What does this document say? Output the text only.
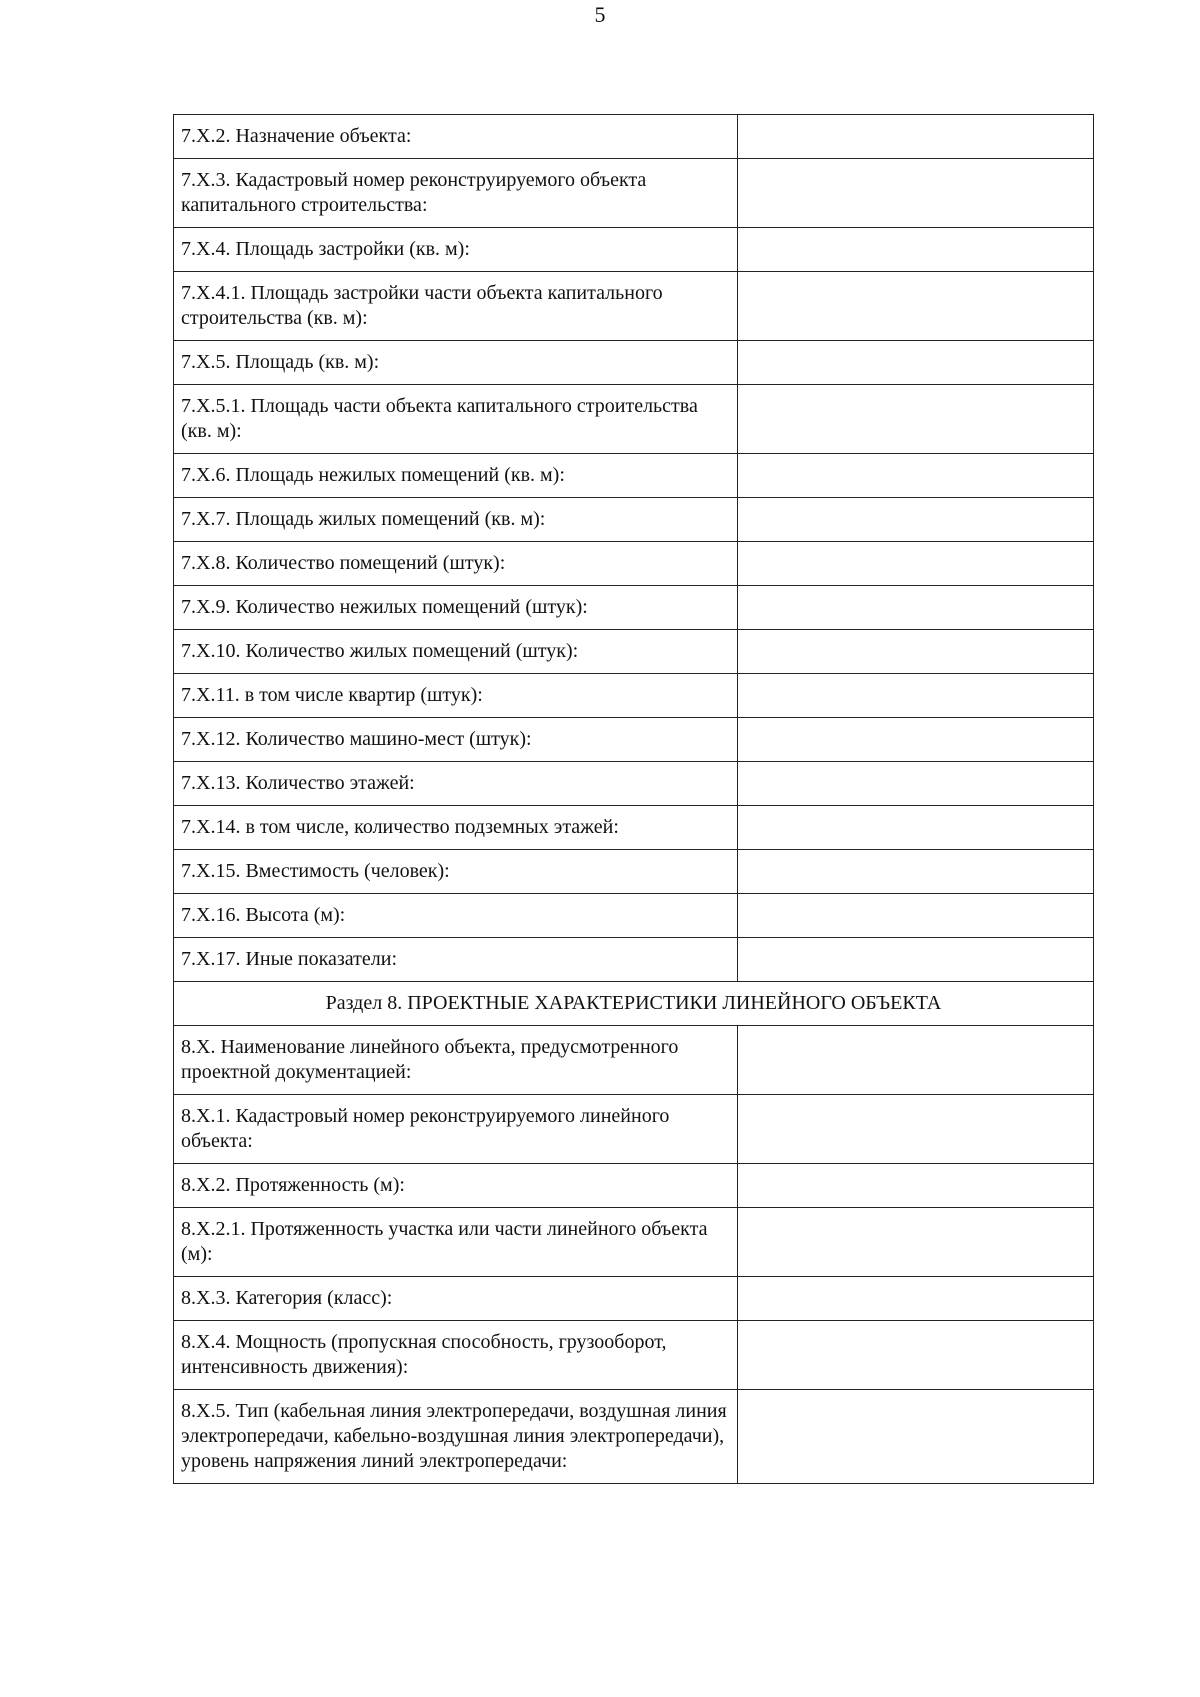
5
7.Х.2. Назначение объекта:	
7.Х.3. Кадастровый номер реконструируемого объекта капитального строительства:	
7.Х.4. Площадь застройки (кв. м):	
7.Х.4.1. Площадь застройки части объекта капитального строительства (кв. м):	
7.Х.5. Площадь (кв. м):	
7.Х.5.1. Площадь части объекта капитального строительства (кв. м):	
7.Х.6. Площадь нежилых помещений (кв. м):	
7.Х.7. Площадь жилых помещений (кв. м):	
7.Х.8. Количество помещений (штук):	
7.Х.9. Количество нежилых помещений (штук):	
7.Х.10. Количество жилых помещений (штук):	
7.Х.11. в том числе квартир (штук):	
7.Х.12. Количество машино-мест (штук):	
7.Х.13. Количество этажей:	
7.Х.14. в том числе, количество подземных этажей:	
7.Х.15. Вместимость (человек):	
7.Х.16. Высота (м):	
7.Х.17. Иные показатели:	
Раздел 8. ПРОЕКТНЫЕ ХАРАКТЕРИСТИКИ ЛИНЕЙНОГО ОБЪЕКТА	
8.Х. Наименование линейного объекта, предусмотренного проектной документацией:	
8.Х.1. Кадастровый номер реконструируемого линейного объекта:	
8.Х.2. Протяженность (м):	
8.Х.2.1. Протяженность участка или части линейного объекта (м):	
8.Х.3. Категория (класс):	
8.Х.4. Мощность (пропускная способность, грузооборот, интенсивность движения):	
8.Х.5. Тип (кабельная линия электропередачи, воздушная линия электропередачи, кабельно-воздушная линия электропередачи), уровень напряжения линий электропередачи:	
